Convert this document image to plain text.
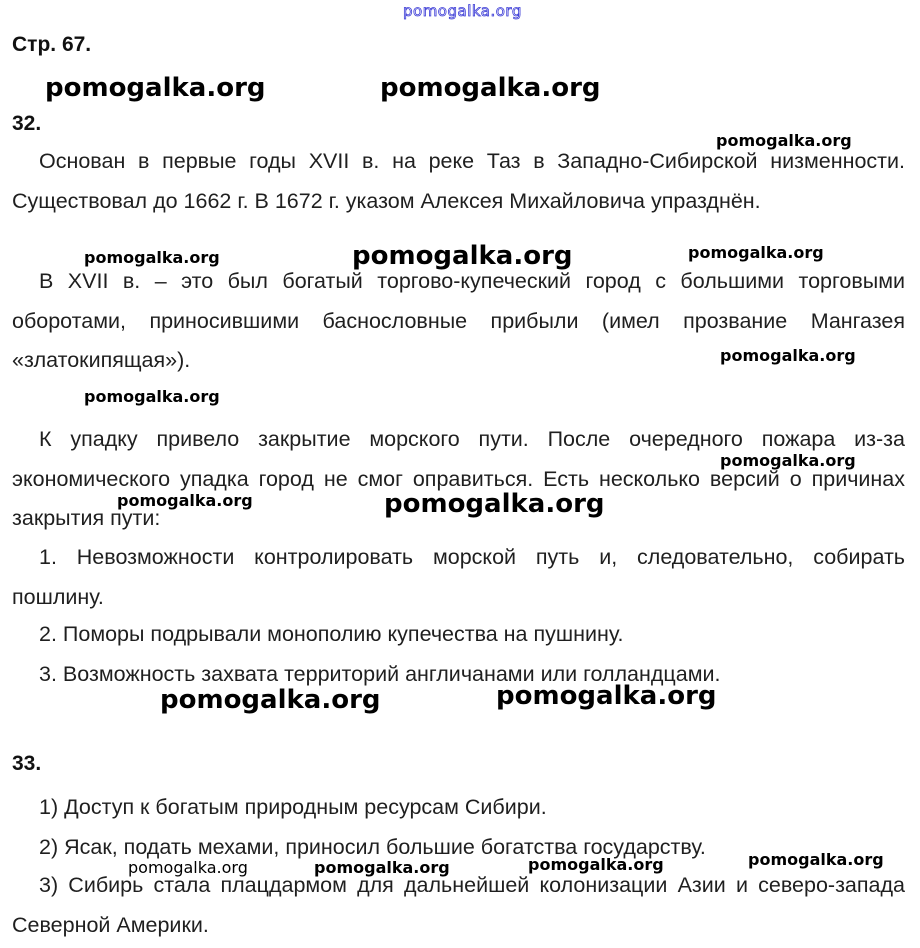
pomogalka.org
Стр. 67.
32.
Основан в первые годы XVII в. на реке Таз в Западно-Сибирской низменности. Существовал до 1662 г. В 1672 г. указом Алексея Михайловича упразднён.
В XVII в. – это был богатый торгово-купеческий город с большими торговыми оборотами, приносившими баснословные прибыли (имел прозвание Мангазея «златокипящая»).
К упадку привело закрытие морского пути. После очередного пожара из-за экономического упадка город не смог оправиться. Есть несколько версий о причинах закрытия пути:
1. Невозможности контролировать морской путь и, следовательно, собирать пошлину.
2. Поморы подрывали монополию купечества на пушнину.
3. Возможность захвата территорий англичанами или голландцами.
33.
1) Доступ к богатым природным ресурсам Сибири.
2) Ясак, подать мехами, приносил большие богатства государству.
3) Сибирь стала плацдармом для дальнейшей колонизации Азии и северо-запада Северной Америки.
pomogalka.org	pomogalka.org
pomogalka.org
pomogalka.org	pomogalka.org	pomogalka.org
pomogalka.org
pomogalka.org
pomogalka.org
pomogalka.org	pomogalka.org
pomogalka.org	pomogalka.org
pomogalka.org	pomogalka.org	pomogalka.org	pomogalka.org
